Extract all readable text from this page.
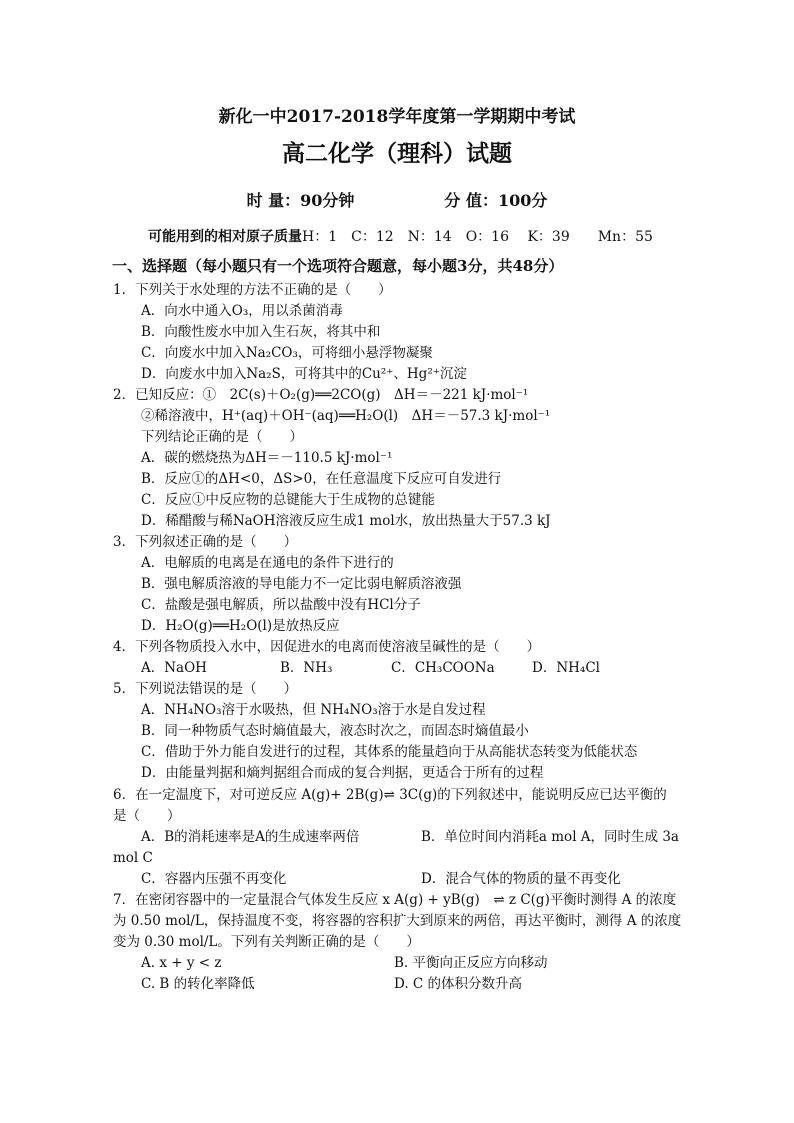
新化一中2017-2018学年度第一学期期中考试
高二化学（理科）试题
时 量：90分钟	分 值：100分
可能用到的相对原子质量H：1　C：12　N：14　O：16　 K：39　　Mn：55
一、选择题（每小题只有一个选项符合题意，每小题3分，共48分）
1．下列关于水处理的方法不正确的是（　　）
A．向水中通入O₃，用以杀菌消毒
B．向酸性废水中加入生石灰，将其中和
C．向废水中加入Na₂CO₃，可将细小悬浮物凝聚
D．向废水中加入Na₂S，可将其中的Cu²⁺、Hg²⁺沉淀
2．已知反应：①　2C(s)＋O₂(g)══2CO(g)　ΔH＝－221 kJ·mol⁻¹
②稀溶液中，H⁺(aq)＋OH⁻(aq)══H₂O(l)　ΔH＝－57.3 kJ·mol⁻¹
下列结论正确的是（　　）
A．碳的燃烧热为ΔH＝－110.5 kJ·mol⁻¹
B．反应①的ΔH<0，ΔS>0，在任意温度下反应可自发进行
C．反应①中反应物的总键能大于生成物的总键能
D．稀醋酸与稀NaOH溶液反应生成1 mol水，放出热量大于57.3 kJ
3．下列叙述正确的是（　　）
A．电解质的电离是在通电的条件下进行的
B．强电解质溶液的导电能力不一定比弱电解质溶液强
C．盐酸是强电解质，所以盐酸中没有HCl分子
D．H₂O(g)══H₂O(l)是放热反应
4．下列各物质投入水中，因促进水的电离而使溶液呈碱性的是（　　）
A．NaOH	B．NH₃	C．CH₃COONa	D．NH₄Cl
5．下列说法错误的是（　　）
A．NH₄NO₃溶于水吸热，但 NH₄NO₃溶于水是自发过程
B．同一种物质气态时熵值最大，液态时次之，而固态时熵值最小
C．借助于外力能自发进行的过程，其体系的能量趋向于从高能状态转变为低能状态
D．由能量判据和熵判据组合而成的复合判据，更适合于所有的过程
6．在一定温度下，对可逆反应 A(g)+ 2B(g)⇌ 3C(g)的下列叙述中，能说明反应已达平衡的
是（　　）
A．B的消耗速率是A的生成速率两倍	B．单位时间内消耗a mol A，同时生成 3a
mol C
C．容器内压强不再变化	D．混合气体的物质的量不再变化
7．在密闭容器中的一定量混合气体发生反应 x A(g) + yB(g)　⇌ z C(g)平衡时测得 A 的浓度
为 0.50 mol/L，保持温度不变，将容器的容积扩大到原来的两倍，再达平衡时，测得 A 的浓度
变为 0.30 mol/L。下列有关判断正确的是（　　）
A. x + y < z	B. 平衡向正反应方向移动
C. B 的转化率降低	D. C 的体积分数升高
